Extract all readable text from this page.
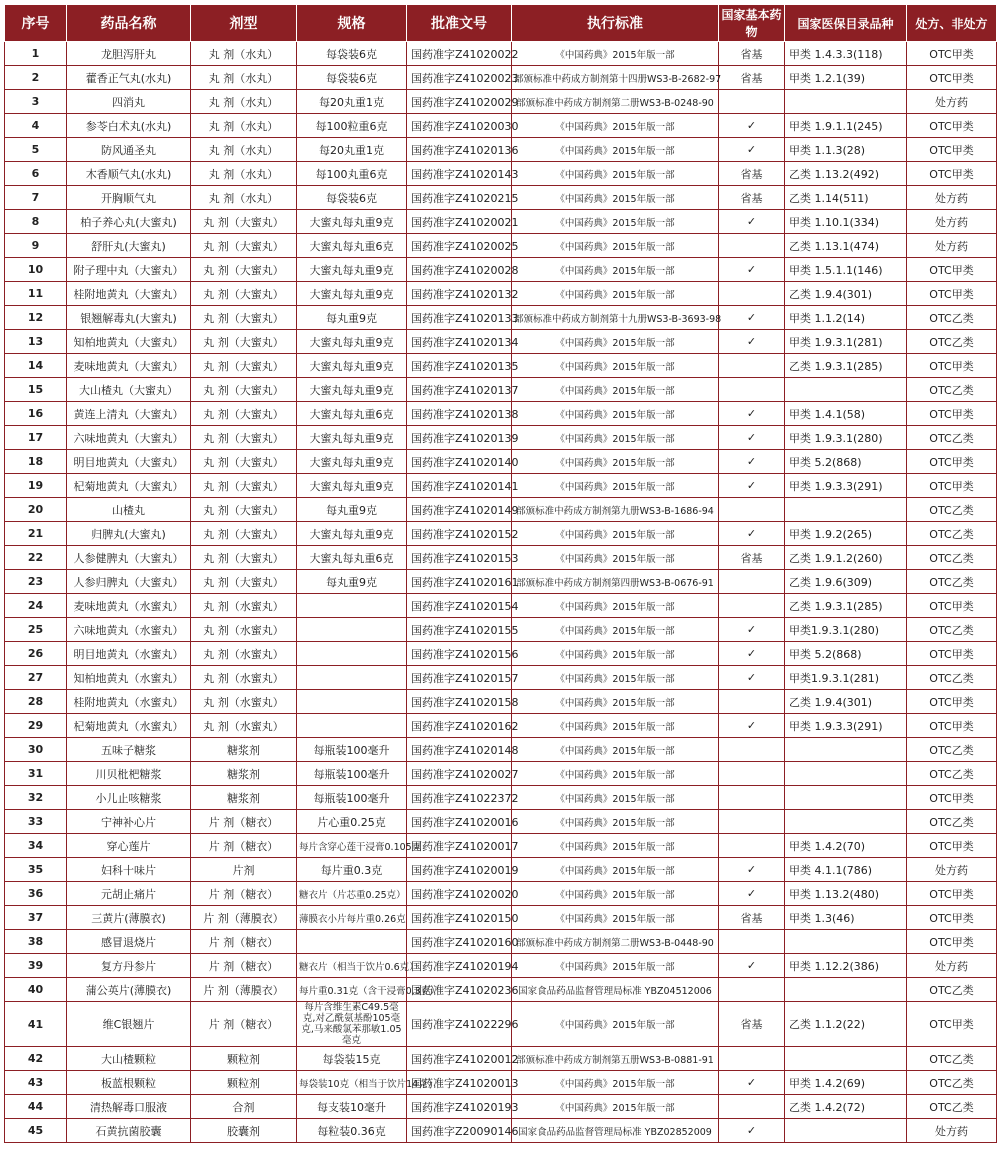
序号	药品名称	剂型	规格	批准文号	执行标准	国家基本药物	国家医保目录品种	处方、非处方
1	龙胆泻肝丸	丸 剂（水丸）	每袋装6克	国药准字Z41020022	《中国药典》2015年版一部	省基	甲类 1.4.3.3(118)	OTC甲类
2	藿香正气丸(水丸)	丸 剂（水丸）	每袋装6克	国药准字Z41020023	部颁标准中药成方制剂第十四册WS3-B-2682-97	省基	甲类 1.2.1(39)	OTC甲类
3	四消丸	丸 剂（水丸）	每20丸重1克	国药准字Z41020029	部颁标准中药成方制剂第二册WS3-B-0248-90			处方药
4	参苓白术丸(水丸)	丸 剂（水丸）	每100粒重6克	国药准字Z41020030	《中国药典》2015年版一部	✓	甲类 1.9.1.1(245)	OTC甲类
5	防风通圣丸	丸 剂（水丸）	每20丸重1克	国药准字Z41020136	《中国药典》2015年版一部	✓	甲类 1.1.3(28)	OTC甲类
6	木香顺气丸(水丸)	丸 剂（水丸）	每100丸重6克	国药准字Z41020143	《中国药典》2015年版一部	省基	乙类 1.13.2(492)	OTC甲类
7	开胸顺气丸	丸 剂（水丸）	每袋装6克	国药准字Z41020215	《中国药典》2015年版一部	省基	乙类 1.14(511)	处方药
8	柏子养心丸(大蜜丸)	丸 剂（大蜜丸）	大蜜丸每丸重9克	国药准字Z41020021	《中国药典》2015年版一部	✓	甲类 1.10.1(334)	处方药
9	舒肝丸(大蜜丸)	丸 剂（大蜜丸）	大蜜丸每丸重6克	国药准字Z41020025	《中国药典》2015年版一部		乙类 1.13.1(474)	处方药
10	附子理中丸（大蜜丸）	丸 剂（大蜜丸）	大蜜丸每丸重9克	国药准字Z41020028	《中国药典》2015年版一部	✓	甲类 1.5.1.1(146)	OTC甲类
11	桂附地黄丸（大蜜丸）	丸 剂（大蜜丸）	大蜜丸每丸重9克	国药准字Z41020132	《中国药典》2015年版一部		乙类 1.9.4(301)	OTC甲类
12	银翘解毒丸(大蜜丸)	丸 剂（大蜜丸）	每丸重9克	国药准字Z41020133	部颁标准中药成方制剂第十九册WS3-B-3693-98	✓	甲类 1.1.2(14)	OTC乙类
13	知柏地黄丸（大蜜丸）	丸 剂（大蜜丸）	大蜜丸每丸重9克	国药准字Z41020134	《中国药典》2015年版一部	✓	甲类 1.9.3.1(281)	OTC乙类
14	麦味地黄丸（大蜜丸）	丸 剂（大蜜丸）	大蜜丸每丸重9克	国药准字Z41020135	《中国药典》2015年版一部		乙类 1.9.3.1(285)	OTC甲类
15	大山楂丸（大蜜丸）	丸 剂（大蜜丸）	大蜜丸每丸重9克	国药准字Z41020137	《中国药典》2015年版一部			OTC乙类
16	黄连上清丸（大蜜丸）	丸 剂（大蜜丸）	大蜜丸每丸重6克	国药准字Z41020138	《中国药典》2015年版一部	✓	甲类 1.4.1(58)	OTC甲类
17	六味地黄丸（大蜜丸）	丸 剂（大蜜丸）	大蜜丸每丸重9克	国药准字Z41020139	《中国药典》2015年版一部	✓	甲类 1.9.3.1(280)	OTC乙类
18	明目地黄丸（大蜜丸）	丸 剂（大蜜丸）	大蜜丸每丸重9克	国药准字Z41020140	《中国药典》2015年版一部	✓	甲类 5.2(868)	OTC甲类
19	杞菊地黄丸（大蜜丸）	丸 剂（大蜜丸）	大蜜丸每丸重9克	国药准字Z41020141	《中国药典》2015年版一部	✓	甲类 1.9.3.3(291)	OTC甲类
20	山楂丸	丸 剂（大蜜丸）	每丸重9克	国药准字Z41020149	部颁标准中药成方制剂第九册WS3-B-1686-94			OTC乙类
21	归脾丸(大蜜丸)	丸 剂（大蜜丸）	大蜜丸每丸重9克	国药准字Z41020152	《中国药典》2015年版一部	✓	甲类 1.9.2(265)	OTC乙类
22	人参健脾丸（大蜜丸）	丸 剂（大蜜丸）	大蜜丸每丸重6克	国药准字Z41020153	《中国药典》2015年版一部	省基	乙类 1.9.1.2(260)	OTC乙类
23	人参归脾丸（大蜜丸）	丸 剂（大蜜丸）	每丸重9克	国药准字Z41020161	部颁标准中药成方制剂第四册WS3-B-0676-91		乙类 1.9.6(309)	OTC乙类
24	麦味地黄丸（水蜜丸）	丸 剂（水蜜丸）		国药准字Z41020154	《中国药典》2015年版一部		乙类 1.9.3.1(285)	OTC甲类
25	六味地黄丸（水蜜丸）	丸 剂（水蜜丸）		国药准字Z41020155	《中国药典》2015年版一部	✓	甲类1.9.3.1(280)	OTC乙类
26	明目地黄丸（水蜜丸）	丸 剂（水蜜丸）		国药准字Z41020156	《中国药典》2015年版一部	✓	甲类 5.2(868)	OTC甲类
27	知柏地黄丸（水蜜丸）	丸 剂（水蜜丸）		国药准字Z41020157	《中国药典》2015年版一部	✓	甲类1.9.3.1(281)	OTC乙类
28	桂附地黄丸（水蜜丸）	丸 剂（水蜜丸）		国药准字Z41020158	《中国药典》2015年版一部		乙类 1.9.4(301)	OTC甲类
29	杞菊地黄丸（水蜜丸）	丸 剂（水蜜丸）		国药准字Z41020162	《中国药典》2015年版一部	✓	甲类 1.9.3.3(291)	OTC甲类
30	五味子糖浆	糖浆剂	每瓶装100毫升	国药准字Z41020148	《中国药典》2015年版一部			OTC乙类
31	川贝枇杷糖浆	糖浆剂	每瓶装100毫升	国药准字Z41020027	《中国药典》2015年版一部			OTC乙类
32	小儿止咳糖浆	糖浆剂	每瓶装100毫升	国药准字Z41022372	《中国药典》2015年版一部			OTC甲类
33	宁神补心片	片 剂（糖衣）	片心重0.25克	国药准字Z41020016	《中国药典》2015年版一部			OTC乙类
34	穿心莲片	片 剂（糖衣）	每片含穿心莲干浸膏0.105克	国药准字Z41020017	《中国药典》2015年版一部		甲类 1.4.2(70)	OTC甲类
35	妇科十味片	片剂	每片重0.3克	国药准字Z41020019	《中国药典》2015年版一部	✓	甲类 4.1.1(786)	处方药
36	元胡止痛片	片 剂（糖衣）	糖衣片（片芯重0.25克）	国药准字Z41020020	《中国药典》2015年版一部	✓	甲类 1.13.2(480)	OTC甲类
37	三黄片(薄膜衣)	片 剂（薄膜衣）	薄膜衣小片每片重0.26克	国药准字Z41020150	《中国药典》2015年版一部	省基	甲类 1.3(46)	OTC甲类
38	感冒退烧片	片 剂（糖衣）		国药准字Z41020160	部颁标准中药成方制剂第二册WS3-B-0448-90			OTC甲类
39	复方丹参片	片 剂（糖衣）	糖衣片（相当于饮片0.6克）	国药准字Z41020194	《中国药典》2015年版一部	✓	甲类 1.12.2(386)	处方药
40	蒲公英片(薄膜衣)	片 剂（薄膜衣）	每片重0.31克（含干浸膏0.3克）	国药准字Z41020236	国家食品药品监督管理局标准 YBZ04512006			OTC乙类
41	维C银翘片	片 剂（糖衣）	每片含维生素C49.5毫克,对乙酰氨基酚105毫克,马来酸氯苯那敏1.05毫克	国药准字Z41022296	《中国药典》2015年版一部	省基	乙类 1.1.2(22)	OTC甲类
42	大山楂颗粒	颗粒剂	每袋装15克	国药准字Z41020012	部颁标准中药成方制剂第五册WS3-B-0881-91			OTC乙类
43	板蓝根颗粒	颗粒剂	每袋装10克（相当于饮片14克）	国药准字Z41020013	《中国药典》2015年版一部	✓	甲类 1.4.2(69)	OTC乙类
44	清热解毒口服液	合剂	每支装10毫升	国药准字Z41020193	《中国药典》2015年版一部		乙类 1.4.2(72)	OTC乙类
45	石黄抗菌胶囊	胶囊剂	每粒装0.36克	国药准字Z20090146	国家食品药品监督管理局标准 YBZ02852009	✓		处方药
